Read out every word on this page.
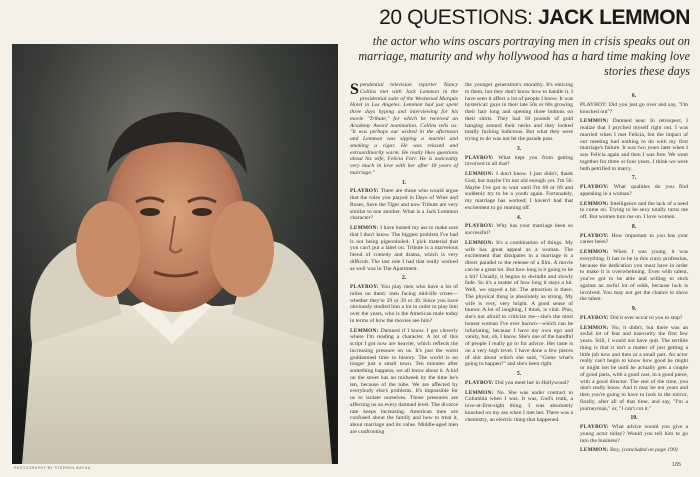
PHOTOGRAPHY BY STEPHEN WAYDA
20 QUESTIONS: JACK LEMMON
the actor who wins oscars portraying men in crisis speaks out on marriage, maturity and why hollywood has a hard time making love stories these days

Spendential television reporter Nancy Collins met with Jack Lemmon in the presidential suite of the Westwood Marquis Hotel in Los Angeles. Lemmon had just spent three days hyping and interviewing for his movie "Tribute," for which he received an Academy Award nomination. Collins tells us: "It was perhaps our wished in the afternoon and Lemmon was sipping a martini and smoking a cigar. He was relaxed and extraordinarily warm. He really likes questions about his wife, Felicia Farr. He is noticeably very much in love with her after 18 years of marriage."

1.

PLAYBOY: There are those who would argue that the roles you played in Days of Wine and Roses, Save the Tiger and now Tribute are very similar to one another. What is a Jack Lemmon character?

LEMMON: I have busted my ass to make sure that I don't know. The biggest problem I've had is not being pigeonholed. I pick material that you can't put a label on. Tribute is a marvelous blend of comedy and drama, which is very difficult. The last role I had that really worked as well was in The Apartment.

2.

PLAYBOY: You play men who have a lot of miles on them: men facing mid-life crises—whether they're 29 or 39 or 49. Since you have obviously studied him a lot in order to play him over the years, who is the American male today in terms of how the movies see him?

LEMMON: Damned if I know. I got cleverly where I'm reading a character. A lot of this script I got now are heavier, which reflects the increasing pressure on us. It's just the worst goddamned time in history. The world is no longer just a small town. Ten minutes after something happens, we all know about it. A kid on the street has no midweek by the time he's ten, because of the tube. We are affected by everybody else's problems. It's impossible for us to isolate ourselves. Those pressures are affecting us on every damned level. The divorce rate keeps increasing. American men are confused about the family and how to treat it, about marriage and its value. Middle-aged men are confronting

the younger generation's morality. It's enticing to them, but they don't know how to handle it. I have seen it affect a lot of people I know. It was hysterical: guys in their late 50s or 60s growing their hair long and opening three buttons on their shirts. They had 18 pounds of gold hanging around their necks and they looked totally fucking ludicrous. But what they were trying to do was not let the parade pass.

3.

PLAYBOY: What kept you from getting involved in all that?

LEMMON: I don't know. I just didn't, thank God, but maybe I'm not old enough yet. I'm 56. Maybe I've got to wait until I'm 68 or 69 and suddenly try to be a youth again. Fortunately, my marriage has worked; I haven't had that excitement to go running off.

4.

PLAYBOY: Why has your marriage been so successful?

LEMMON: It's a combination of things. My wife has great appeal as a woman. The excitement that dissipates in a marriage is a direct parallel to the release of a film. A movie can be a great hit. But how long is it going to be a hit? Usually, it begins to dwindle and slowly fade. So it's a matter of how long it stays a hit. Well, we stayed a hit. The attraction is there. The physical thing is absolutely as strong. My wife is very, very bright. A good sense of humor. A lot of laughing, I think, is vital. Plus, she's not afraid to criticize me—she's the most honest woman I've ever known—which can be infuriating, because I have my own ego and vanity, but, oh, I know. She's one of the handful of people I really go to for advice. Her taste is on a very high level. I have done a few pieces of shit about which she said, "Come what's going to happen?" and she's been right.

5.

PLAYBOY: Did you meet her in Hollywood?

LEMMON: No. She was under contract to Columbia when I was. It was, God's truth, a love-at-first-sight thing. I was absolutely knocked on my ass when I met her. There was a chemistry, an electric thing that happened.

6.

PLAYBOY: Did you just go over and say, "I'm knocked out"?

LEMMON: Damned near. In retrospect, I realize that I psyched myself right out. I was married when I met Felicia, but the impact of our meeting had nothing to do with my first marriage's failure. It was two years later when I saw Felicia again and then I was free. We went together for three or four years. I think we were both petrified to marry.

7.

PLAYBOY: What qualities do you find appealing in a woman?

LEMMON: Intelligence and the lack of a need to come on. Trying to be sexy totally turns me off. But women turn me on. I love women.

8.

PLAYBOY: How important to you has your career been?

LEMMON: When I was young, it was everything. It has to be in this crazy profession, because the dedication you must have in order to make it is overwhelming. Even with talent, you've got to be able and willing to stick against an awful lot of odds, because luck is involved. You may not get the chance to show the talent.

9.

PLAYBOY: Did it ever occur to you to stop?

LEMMON: No, it didn't, but there was an awful lot of fear and insecurity the first few years. Still, I would not have quit. The terrible thing is that it isn't a matter of just getting a little job now and then or a small part. An actor really can't begin to know how good he might or might not be until he actually gets a couple of good parts, with a good cast, in a good piece, with a good director. The rest of the time, you don't really know. And it may be ten years and then you're going to have to look in the mirror, finally, after all of that time, and say, "I'm a journeyman," or, "I can't cut it."

10.

PLAYBOY: What advice would you give a young actor today? Would you tell him to go into the business?

LEMMON: Boy, (concluded on page 190)

185
